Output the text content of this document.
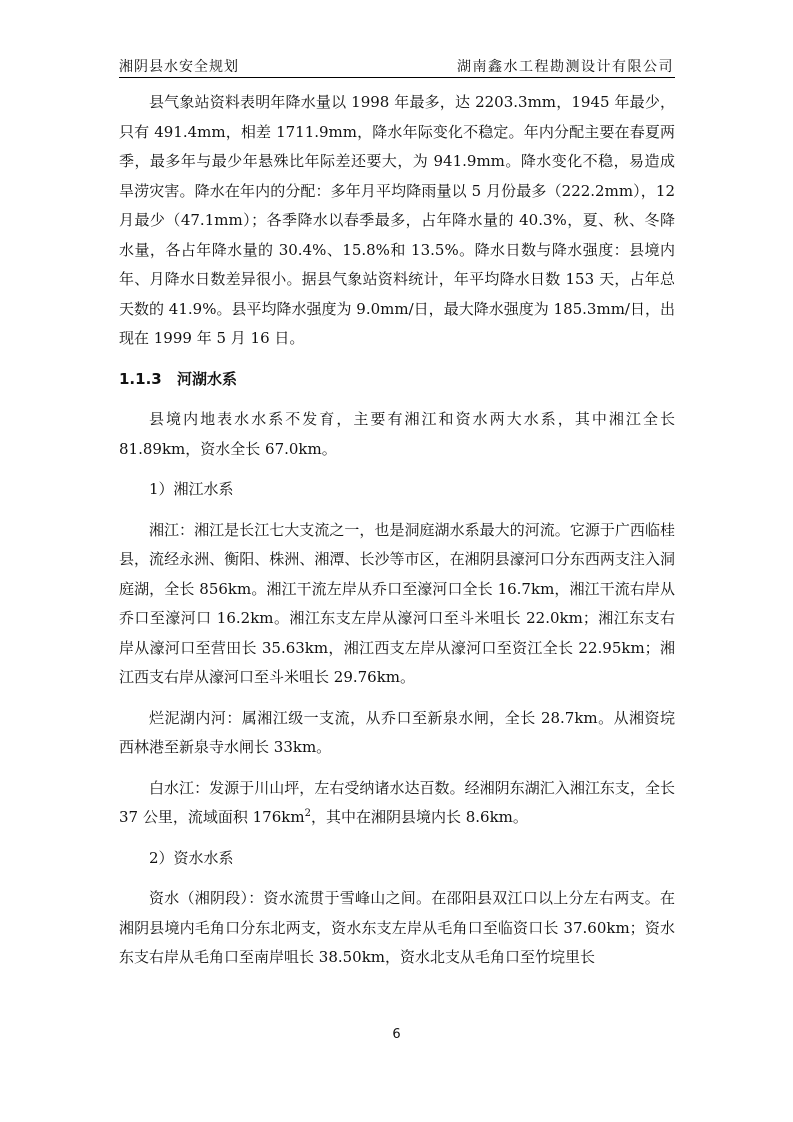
湘阴县水安全规划	湖南鑫水工程勘测设计有限公司

县气象站资料表明年降水量以 1998 年最多，达 2203.3mm，1945 年最少，只有 491.4mm，相差 1711.9mm，降水年际变化不稳定。年内分配主要在春夏两季，最多年与最少年悬殊比年际差还要大，为 941.9mm。降水变化不稳，易造成旱涝灾害。降水在年内的分配：多年月平均降雨量以 5 月份最多（222.2mm），12 月最少（47.1mm）；各季降水以春季最多，占年降水量的 40.3%，夏、秋、冬降水量，各占年降水量的 30.4%、15.8%和 13.5%。降水日数与降水强度：县境内年、月降水日数差异很小。据县气象站资料统计，年平均降水日数 153 天，占年总天数的 41.9%。县平均降水强度为 9.0mm/日，最大降水强度为 185.3mm/日，出现在 1999 年 5 月 16 日。

1.1.3 河湖水系

县境内地表水水系不发育，主要有湘江和资水两大水系，其中湘江全长 81.89km，资水全长 67.0km。

1）湘江水系

湘江：湘江是长江七大支流之一，也是洞庭湖水系最大的河流。它源于广西临桂县，流经永洲、衡阳、株洲、湘潭、长沙等市区，在湘阴县濠河口分东西两支注入洞庭湖，全长 856km。湘江干流左岸从乔口至濠河口全长 16.7km，湘江干流右岸从乔口至濠河口 16.2km。湘江东支左岸从濠河口至斗米咀长 22.0km；湘江东支右岸从濠河口至营田长 35.63km，湘江西支左岸从濠河口至资江全长 22.95km；湘江西支右岸从濠河口至斗米咀长 29.76km。

烂泥湖内河：属湘江级一支流，从乔口至新泉水闸，全长 28.7km。从湘资垸西林港至新泉寺水闸长 33km。

白水江：发源于川山坪，左右受纳诸水达百数。经湘阴东湖汇入湘江东支，全长 37 公里，流域面积 $176km^2$，其中在湘阴县境内长 8.6km。

2）资水水系

资水（湘阴段）：资水流贯于雪峰山之间。在邵阳县双江口以上分左右两支。在湘阴县境内毛角口分东北两支，资水东支左岸从毛角口至临资口长 37.60km；资水东支右岸从毛角口至南岸咀长 38.50km，资水北支从毛角口至竹垸里长

6
